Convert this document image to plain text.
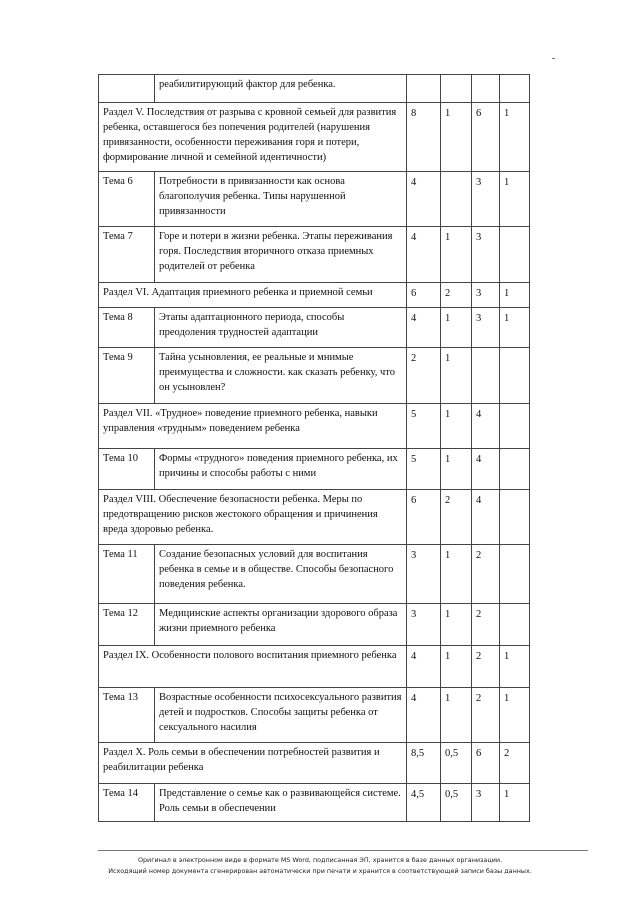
	реабилитирующий фактор для ребенка.				
Раздел V. Последствия от разрыва с кровной семьей для развития ребенка, оставшегося без попечения родителей (нарушения привязанности, особенности переживания горя и потери, формирование личной и семейной идентичности)		8	1	6	1
Тема 6	Потребности в привязанности как основа благополучия ребенка. Типы нарушенной привязанности	4		3	1
Тема 7	Горе и потери в жизни ребенка. Этапы переживания горя. Последствия вторичного отказа приемных родителей от ребенка	4	1	3	
Раздел VI. Адаптация приемного ребенка и приемной семьи		6	2	3	1
Тема 8	Этапы адаптационного периода, способы преодоления трудностей адаптации	4	1	3	1
Тема 9	Тайна усыновления, ее реальные и мнимые преимущества и сложности. как сказать ребенку, что он усыновлен?	2	1		
Раздел VII. «Трудное» поведение приемного ребенка, навыки управления «трудным» поведением ребенка		5	1	4	
Тема 10	Формы «трудного» поведения приемного ребенка, их причины и способы работы с ними	5	1	4	
Раздел VIII. Обеспечение безопасности ребенка. Меры по предотвращению рисков жестокого обращения и причинения вреда здоровью ребенка.		6	2	4	
Тема 11	Создание безопасных условий для воспитания ребенка в семье и в обществе. Способы безопасного поведения ребенка.	3	1	2	
Тема 12	Медицинские аспекты организации здорового образа жизни приемного ребенка	3	1	2	
Раздел IX. Особенности полового воспитания приемного ребенка		4	1	2	1
Тема 13	Возрастные особенности психосексуального развития детей и подростков. Способы защиты ребенка от сексуального насилия	4	1	2	1
Раздел X. Роль семьи в обеспечении потребностей развития и реабилитации ребенка		8,5	0,5	6	2
Тема 14	Представление о семье как о развивающейся системе. Роль семьи в обеспечении	4,5	0,5	3	1
Оригинал в электронном виде в формате MS Word, подписанная ЭП, хранится в базе данных организации.
Исходящий номер документа сгенерирован автоматически при печати и хранится в соответствующей записи базы данных.
